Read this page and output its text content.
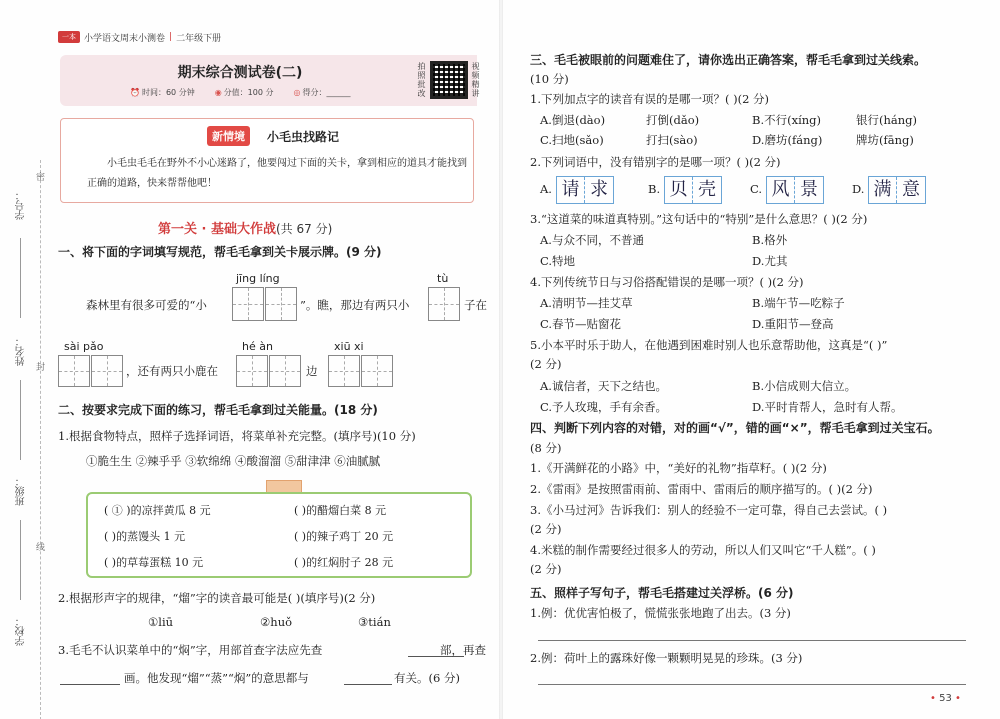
一本 小学语文周末小测卷 | 二年级下册
学号：
姓名：
班级：
学校：
密
封
线
期末综合测试卷(二)
⏰ 时间：60 分钟	◉ 分值：100 分	◎ 得分：______	拍照批改	视频精讲
新情境	小毛虫找路记
小毛虫毛毛在野外不小心迷路了，他要闯过下面的关卡，拿到相应的道具才能找到正确的道路，快来帮帮他吧！
第一关 · 基础大作战(共 67 分)
一、将下面的字词填写规范，帮毛毛拿到关卡展示牌。(9 分)
jīng líng	tù
森林里有很多可爱的“小	”。瞧，那边有两只小	子在
sài pǎo	hé àn	xiū xi
，还有两只小鹿在	边
二、按要求完成下面的练习，帮毛毛拿到过关能量。(18 分)
1.根据食物特点，照样子选择词语，将菜单补充完整。(填序号)(10 分)
①脆生生 ②辣乎乎 ③软绵绵 ④酸溜溜 ⑤甜津津 ⑥油腻腻
( ① )的凉拌黄瓜 8 元	( )的醋熘白菜 8 元
( )的蒸馒头 1 元	( )的辣子鸡丁 20 元
( )的草莓蛋糕 10 元	( )的红焖肘子 28 元
2.根据形声字的规律，“熘”字的读音最可能是( )(填序号)(2 分)
①liū	②huǒ	③tián
3.毛毛不认识菜单中的“焖”字，用部首查字法应先查	部，再查
画。他发现“熘”“蒸”“焖”的意思都与	有关。(6 分)
三、毛毛被眼前的问题难住了，请你选出正确答案，帮毛毛拿到过关线索。
(10 分)
1.下列加点字的读音有误的是哪一项？( )(2 分)
A.倒退(dào)	打倒(dǎo)	B.不行(xíng)	银行(háng)
C.扫地(sǎo)	打扫(sào)	D.磨坊(fáng)	牌坊(fāng)
2.下列词语中，没有错别字的是哪一项？( )(2 分)
A. 请 求	B. 贝 壳	C. 风 景	D. 满 意
3.“这道菜的味道真特别。”这句话中的“特别”是什么意思？( )(2 分)
A.与众不同，不普通	B.格外
C.特地	D.尤其
4.下列传统节日与习俗搭配错误的是哪一项？( )(2 分)
A.清明节—挂艾草	B.端午节—吃粽子
C.春节—贴窗花	D.重阳节—登高
5.小本平时乐于助人，在他遇到困难时别人也乐意帮助他，这真是“( )”
(2 分)
A.诚信者，天下之结也。	B.小信成则大信立。
C.予人玫瑰，手有余香。	D.平时肯帮人，急时有人帮。
四、判断下列内容的对错，对的画“√”，错的画“×”，帮毛毛拿到过关宝石。
(8 分)
1.《开满鲜花的小路》中，“美好的礼物”指草籽。( )(2 分)
2.《雷雨》是按照雷雨前、雷雨中、雷雨后的顺序描写的。( )(2 分)
3.《小马过河》告诉我们：别人的经验不一定可靠，得自己去尝试。( )
(2 分)
4.米糕的制作需要经过很多人的劳动，所以人们又叫它“千人糕”。( )
(2 分)
五、照样子写句子，帮毛毛搭建过关浮桥。(6 分)
1.例：优优害怕极了，慌慌张张地跑了出去。(3 分)
2.例：荷叶上的露珠好像一颗颗明晃晃的珍珠。(3 分)
• 53 •
